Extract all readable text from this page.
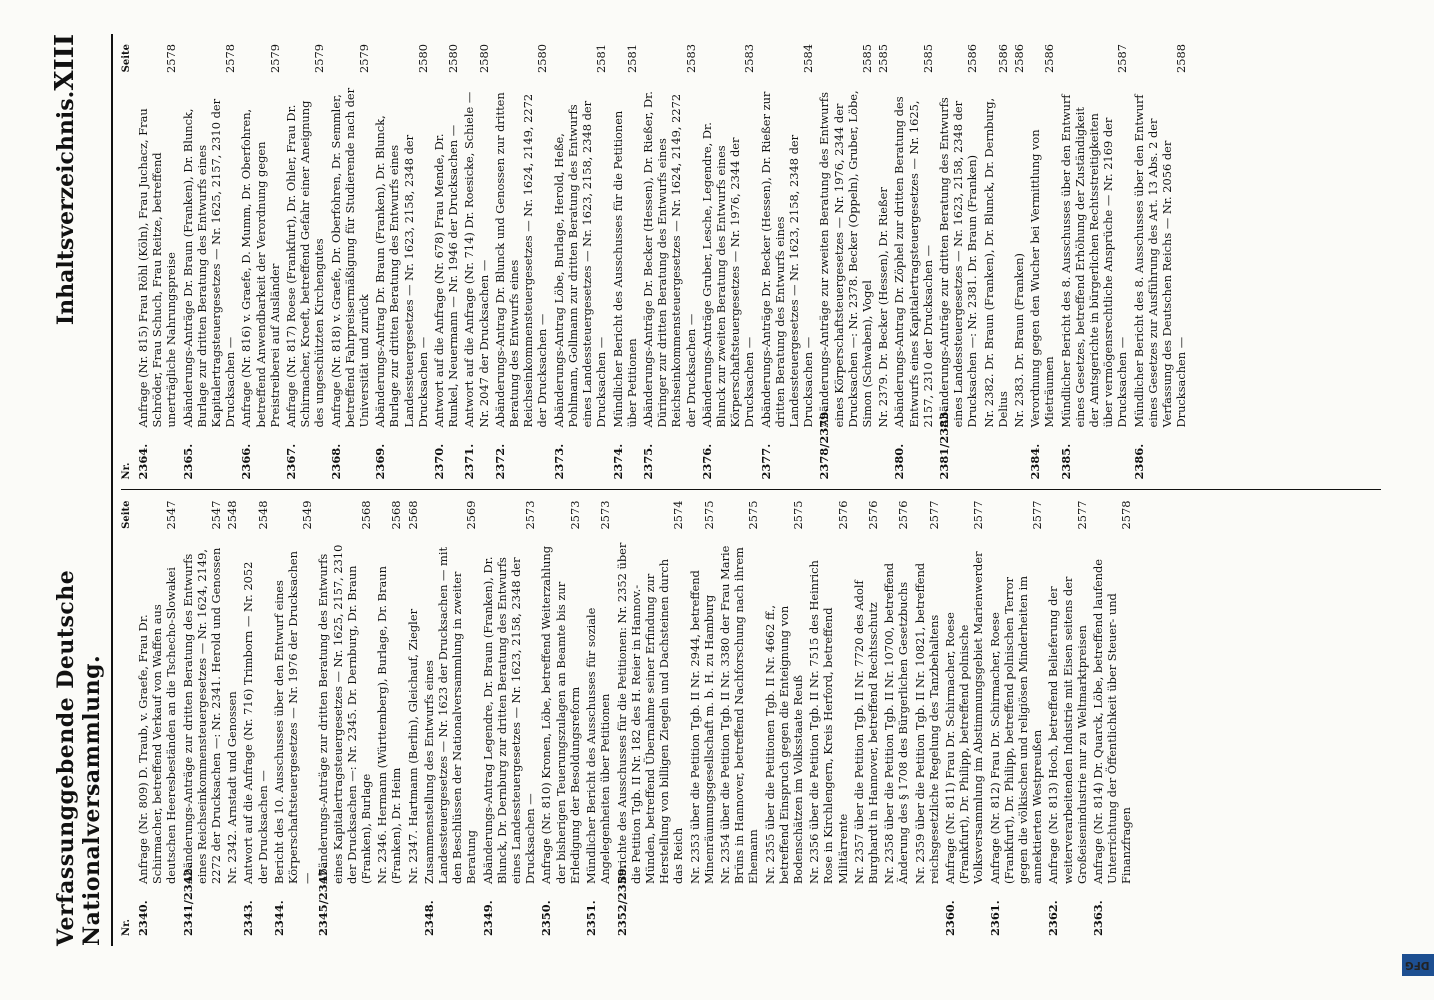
Verfassunggebende Deutsche Nationalversammlung.
Inhaltsverzeichnis.
XIII
Nr.
Seite
2340.
Anfrage (Nr. 809) D. Traub, v. Graefe, Frau Dr. Schirmacher, betreffend Verkauf von Waffen aus deutschen Heeresbeständen an die Tschecho-Slowakei
2547
2341/2342.
Abänderungs-Anträge zur dritten Beratung des Entwurfs eines Reichseinkommensteuergesetzes — Nr. 1624, 2149, 2272 der Drucksachen —: Nr. 2341. Herold und Genossen
2547
Nr. 2342. Arnstadt und Genossen
2548
2343.
Antwort auf die Anfrage (Nr. 716) Trimborn — Nr. 2052 der Drucksachen —
2548
2344.
Bericht des 10. Ausschusses über den Entwurf eines Körperschaftsteuergesetzes — Nr. 1976 der Drucksachen —
2549
2345/2347.
Abänderungs-Anträge zur dritten Beratung des Entwurfs eines Kapitalertragsteuergesetzes — Nr. 1625, 2157, 2310 der Drucksachen —: Nr. 2345. Dr. Dernburg, Dr. Braun (Franken), Burlage
2568
Nr. 2346. Hermann (Württemberg), Burlage, Dr. Braun (Franken), Dr. Heim
2568
Nr. 2347. Hartmann (Berlin), Gleichauf, Ziegler
2568
2348.
Zusammenstellung des Entwurfs eines Landessteuergesetzes — Nr. 1623 der Drucksachen — mit den Beschlüssen der Nationalversammlung in zweiter Beratung
2569
2349.
Abänderungs-Antrag Legendre, Dr. Braun (Franken), Dr. Blunck, Dr. Dernburg zur dritten Beratung des Entwurfs eines Landessteuergesetzes — Nr. 1623, 2158, 2348 der Drucksachen —
2573
2350.
Anfrage (Nr. 810) Kronen, Löbe, betreffend Weiterzahlung der bisherigen Teuerungszulagen an Beamte bis zur Erledigung der Besoldungsreform
2573
2351.
Mündlicher Bericht des Ausschusses für soziale Angelegenheiten über Petitionen
2573
2352/2359.
Berichte des Ausschusses für die Petitionen: Nr. 2352 über die Petition Tgb. II Nr. 182 des H. Reier in Hannov.-Münden, betreffend Übernahme seiner Erfindung zur Herstellung von billigen Ziegeln und Dachsteinen durch das Reich
2574
Nr. 2353 über die Petition Tgb. II Nr. 2944, betreffend Minenräumungsgesellschaft m. b. H. zu Hamburg
2575
Nr. 2354 über die Petition Tgb. II Nr. 3380 der Frau Marie Brüns in Hannover, betreffend Nachforschung nach ihrem Ehemann
2575
Nr. 2355 über die Petitionen Tgb. II Nr. 4662 ff., betreffend Einspruch gegen die Enteignung von Bodenschätzen im Volksstaate Reuß
2575
Nr. 2356 über die Petition Tgb. II Nr. 7515 des Heinrich Rose in Kirchlengern, Kreis Herford, betreffend Militärrente
2576
Nr. 2357 über die Petition Tgb. II Nr. 7720 des Adolf Burghardt in Hannover, betreffend Rechtsschutz
2576
Nr. 2358 über die Petition Tgb. II Nr. 10700, betreffend Änderung des § 1708 des Bürgerlichen Gesetzbuchs
2576
Nr. 2359 über die Petition Tgb. II Nr. 10821, betreffend reichsgesetzliche Regelung des Tanzbehaltens
2577
2360.
Anfrage (Nr. 811) Frau Dr. Schirmacher, Roese (Frankfurt), Dr. Philipp, betreffend polnische Volksversammlung im Abstimmungsgebiet Marienwerder
2577
2361.
Anfrage (Nr. 812) Frau Dr. Schirmacher, Roese (Frankfurt), Dr. Philipp, betreffend polnischen Terror gegen die völkischen und religiösen Minderheiten im annektierten Westpreußen
2577
2362.
Anfrage (Nr. 813) Hoch, betreffend Belieferung der weiterverarbeitenden Industrie mit Eisen seitens der Großeisenindustrie nur zu Weltmarktpreisen
2577
2363.
Anfrage (Nr. 814) Dr. Quarck, Löbe, betreffend laufende Unterrichtung der Öffentlichkeit über Steuer- und Finanzfragen
2578
Nr.
Seite
2364.
Anfrage (Nr. 815) Frau Röhl (Köln), Frau Juchacz, Frau Schröder, Frau Schuch, Frau Reitze, betreffend unerträgliche Nahrungspreise
2578
2365.
Abänderungs-Anträge Dr. Braun (Franken), Dr. Blunck, Burlage zur dritten Beratung des Entwurfs eines Kapitalertragsteuergesetzes — Nr. 1625, 2157, 2310 der Drucksachen —
2578
2366.
Anfrage (Nr. 816) v. Graefe, D. Mumm, Dr. Oberfohren, betreffend Anwendbarkeit der Verordnung gegen Preistreiberei auf Ausländer
2579
2367.
Anfrage (Nr. 817) Roese (Frankfurt), Dr. Ohler, Frau Dr. Schirmacher, Kroeft, betreffend Gefahr einer Aneignung des ungeschützten Kirchengutes
2579
2368.
Anfrage (Nr. 818) v. Graefe, Dr. Oberfohren, Dr. Semmler, betreffend Fahrpreisermäßigung für Studierende nach der Universität und zurück
2579
2369.
Abänderungs-Antrag Dr. Braun (Franken), Dr. Blunck, Burlage zur dritten Beratung des Entwurfs eines Landessteuergesetzes — Nr. 1623, 2158, 2348 der Drucksachen —
2580
2370.
Antwort auf die Anfrage (Nr. 678) Frau Mende, Dr. Runkel, Neuermann — Nr. 1946 der Drucksachen —
2580
2371.
Antwort auf die Anfrage (Nr. 714) Dr. Roesicke, Schiele — Nr. 2047 der Drucksachen —
2580
2372.
Abänderungs-Antrag Dr. Blunck und Genossen zur dritten Beratung des Entwurfs eines Reichseinkommensteuergesetzes — Nr. 1624, 2149, 2272 der Drucksachen —
2580
2373.
Abänderungs-Antrag Löbe, Burlage, Herold, Heße, Pohlmann, Gollmann zur dritten Beratung des Entwurfs eines Landessteuergesetzes — Nr. 1623, 2158, 2348 der Drucksachen —
2581
2374.
Mündlicher Bericht des Ausschusses für die Petitionen über Petitionen
2581
2375.
Abänderungs-Anträge Dr. Becker (Hessen), Dr. Rießer, Dr. Düringer zur dritten Beratung des Entwurfs eines Reichseinkommensteuergesetzes — Nr. 1624, 2149, 2272 der Drucksachen —
2583
2376.
Abänderungs-Anträge Gruber, Lesche, Legendre, Dr. Blunck zur zweiten Beratung des Entwurfs eines Körperschaftsteuergesetzes — Nr. 1976, 2344 der Drucksachen —
2583
2377.
Abänderungs-Anträge Dr. Becker (Hessen), Dr. Rießer zur dritten Beratung des Entwurfs eines Landessteuergesetzes — Nr. 1623, 2158, 2348 der Drucksachen —
2584
2378/2379.
Abänderungs-Anträge zur zweiten Beratung des Entwurfs eines Körperschaftsteuergesetzes — Nr. 1976, 2344 der Drucksachen —: Nr. 2378. Becker (Oppeln), Gruber, Löbe, Simon (Schwaben), Vogel
2585
Nr. 2379. Dr. Becker (Hessen), Dr. Rießer
2585
2380.
Abänderungs-Antrag Dr. Zöphel zur dritten Beratung des Entwurfs eines Kapitalertragsteuergesetzes — Nr. 1625, 2157, 2310 der Drucksachen —
2585
2381/2383.
Abänderungs-Anträge zur dritten Beratung des Entwurfs eines Landessteuergesetzes — Nr. 1623, 2158, 2348 der Drucksachen —: Nr. 2381. Dr. Braun (Franken)
2586
Nr. 2382. Dr. Braun (Franken), Dr. Blunck, Dr. Dernburg, Delius
2586
Nr. 2383. Dr. Braun (Franken)
2586
2384.
Verordnung gegen den Wucher bei Vermittlung von Mieträumen
2586
2385.
Mündlicher Bericht des 8. Ausschusses über den Entwurf eines Gesetzes, betreffend Erhöhung der Zuständigkeit der Amtsgerichte in bürgerlichen Rechtsstreitigkeiten über vermögensrechtliche Ansprüche — Nr. 2169 der Drucksachen —
2587
2386.
Mündlicher Bericht des 8. Ausschusses über den Entwurf eines Gesetzes zur Ausführung des Art. 13 Abs. 2 der Verfassung des Deutschen Reichs — Nr. 2056 der Drucksachen —
2588
DFG
